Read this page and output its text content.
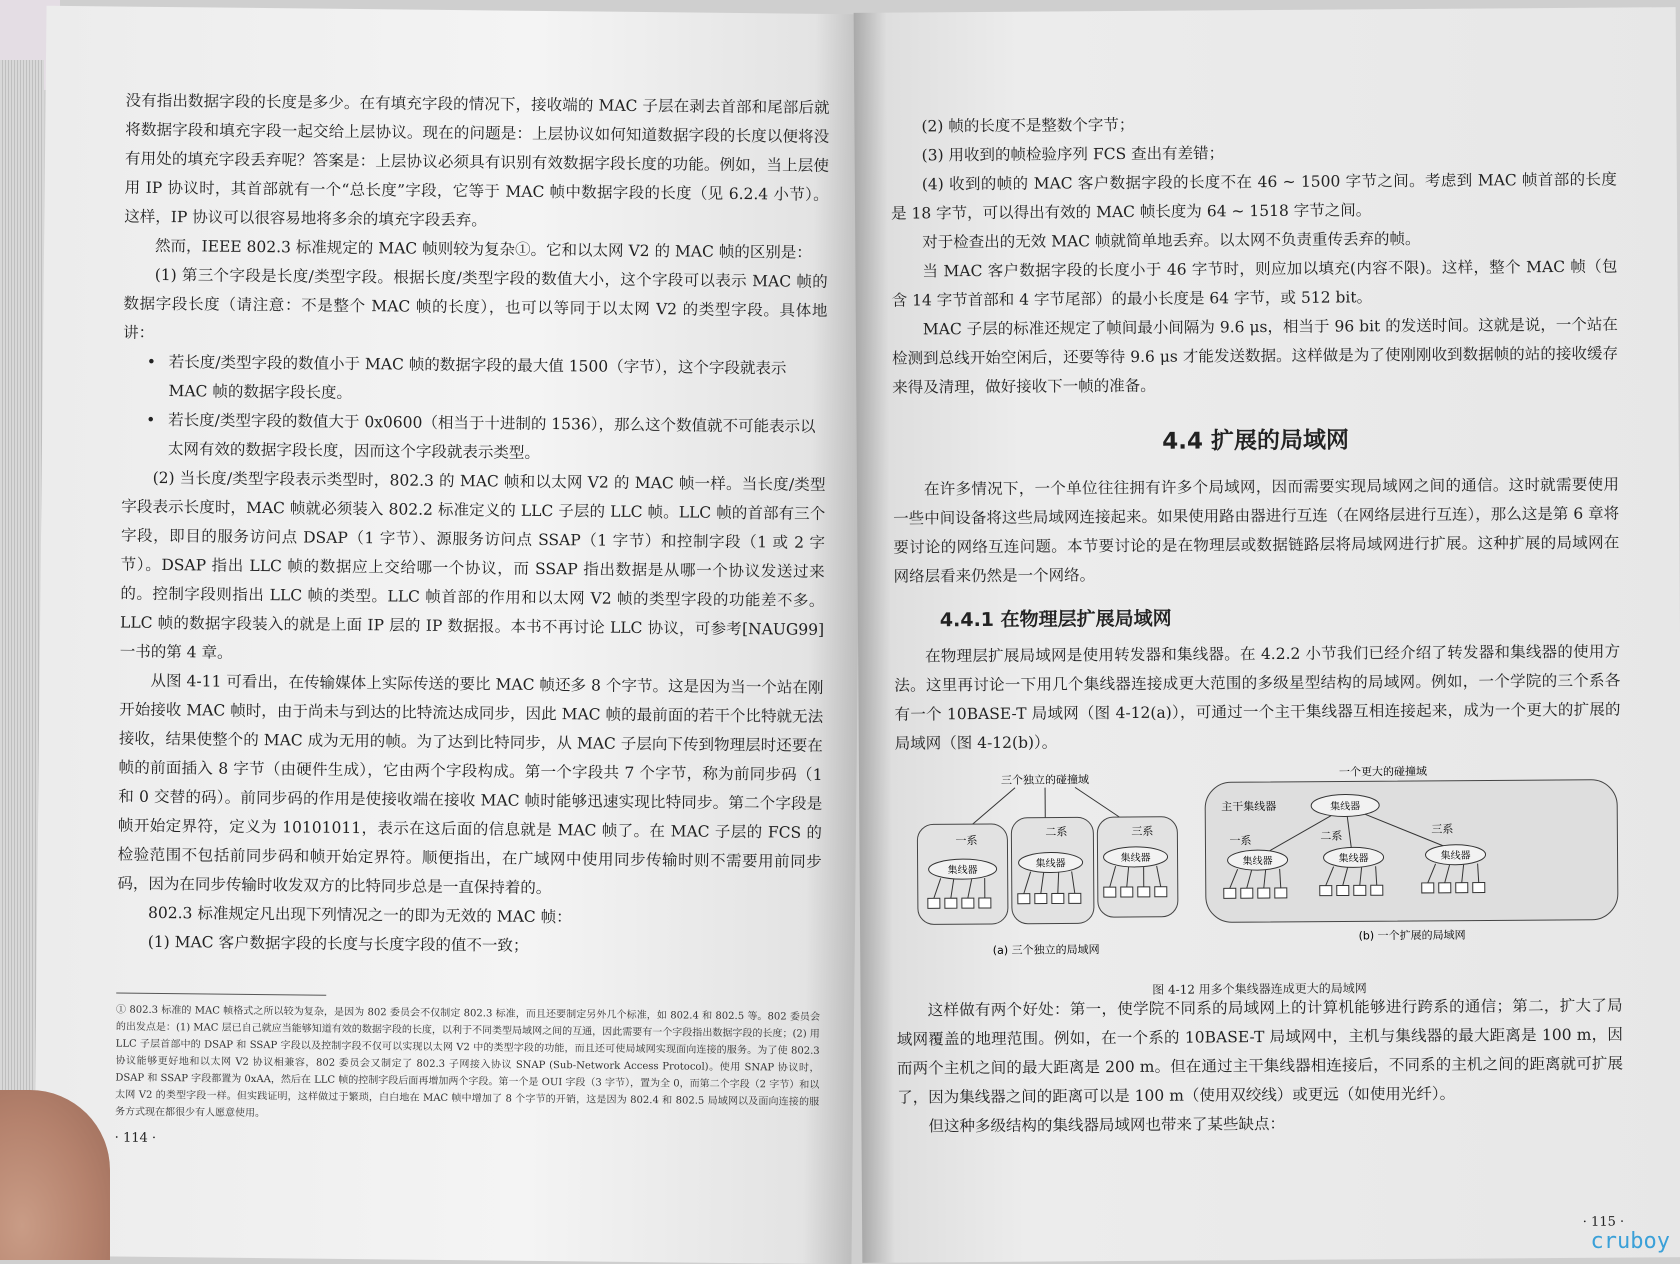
没有指出数据字段的长度是多少。在有填充字段的情况下，接收端的 MAC 子层在剥去首部和尾部后就将数据字段和填充字段一起交给上层协议。现在的问题是：上层协议如何知道数据字段的长度以便将没有用处的填充字段丢弃呢？答案是：上层协议必须具有识别有效数据字段长度的功能。例如，当上层使用 IP 协议时，其首部就有一个“总长度”字段，它等于 MAC 帧中数据字段的长度（见 6.2.4 小节）。这样，IP 协议可以很容易地将多余的填充字段丢弃。

然而，IEEE 802.3 标准规定的 MAC 帧则较为复杂①。它和以太网 V2 的 MAC 帧的区别是：

(1) 第三个字段是长度/类型字段。根据长度/类型字段的数值大小，这个字段可以表示 MAC 帧的数据字段长度（请注意：不是整个 MAC 帧的长度），也可以等同于以太网 V2 的类型字段。具体地讲：

• 若长度/类型字段的数值小于 MAC 帧的数据字段的最大值 1500（字节），这个字段就表示 MAC 帧的数据字段长度。
• 若长度/类型字段的数值大于 0x0600（相当于十进制的 1536），那么这个数值就不可能表示以太网有效的数据字段长度，因而这个字段就表示类型。

(2) 当长度/类型字段表示类型时，802.3 的 MAC 帧和以太网 V2 的 MAC 帧一样。当长度/类型字段表示长度时，MAC 帧就必须装入 802.2 标准定义的 LLC 子层的 LLC 帧。LLC 帧的首部有三个字段，即目的服务访问点 DSAP（1 字节）、源服务访问点 SSAP（1 字节）和控制字段（1 或 2 字节）。DSAP 指出 LLC 帧的数据应上交给哪一个协议，而 SSAP 指出数据是从哪一个协议发送过来的。控制字段则指出 LLC 帧的类型。LLC 帧首部的作用和以太网 V2 帧的类型字段的功能差不多。LLC 帧的数据字段装入的就是上面 IP 层的 IP 数据报。本书不再讨论 LLC 协议，可参考[NAUG99]一书的第 4 章。

从图 4-11 可看出，在传输媒体上实际传送的要比 MAC 帧还多 8 个字节。这是因为当一个站在刚开始接收 MAC 帧时，由于尚未与到达的比特流达成同步，因此 MAC 帧的最前面的若干个比特就无法接收，结果使整个的 MAC 成为无用的帧。为了达到比特同步，从 MAC 子层向下传到物理层时还要在帧的前面插入 8 字节（由硬件生成），它由两个字段构成。第一个字段共 7 个字节，称为前同步码（1 和 0 交替的码）。前同步码的作用是使接收端在接收 MAC 帧时能够迅速实现比特同步。第二个字段是帧开始定界符，定义为 10101011，表示在这后面的信息就是 MAC 帧了。在 MAC 子层的 FCS 的检验范围不包括前同步码和帧开始定界符。顺便指出，在广域网中使用同步传输时则不需要用前同步码，因为在同步传输时收发双方的比特同步总是一直保持着的。

802.3 标准规定凡出现下列情况之一的即为无效的 MAC 帧：

(1) MAC 客户数据字段的长度与长度字段的值不一致；

① 802.3 标准的 MAC 帧格式之所以较为复杂，是因为 802 委员会不仅制定 802.3 标准，而且还要制定另外几个标准，如 802.4 和 802.5 等。802 委员会的出发点是：(1) MAC 层已自己就应当能够知道有效的数据字段的长度，以利于不同类型局域网之间的互通，因此需要有一个字段指出数据字段的长度；(2) 用 LLC 子层首部中的 DSAP 和 SSAP 字段以及控制字段不仅可以实现以太网 V2 中的类型字段的功能，而且还可使局域网实现面向连接的服务。为了使 802.3 协议能够更好地和以太网 V2 协议相兼容，802 委员会又制定了 802.3 子网接入协议 SNAP (Sub-Network Access Protocol)。使用 SNAP 协议时，DSAP 和 SSAP 字段都置为 0xAA，然后在 LLC 帧的控制字段后面再增加两个字段。第一个是 OUI 字段（3 字节），置为全 0，而第二个字段（2 字节）和以太网 V2 的类型字段一样。但实践证明，这样做过于繁琐，白白地在 MAC 帧中增加了 8 个字节的开销，这是因为 802.4 和 802.5 局域网以及面向连接的服务方式现在都很少有人愿意使用。

· 114 ·

(2) 帧的长度不是整数个字节；

(3) 用收到的帧检验序列 FCS 查出有差错；

(4) 收到的帧的 MAC 客户数据字段的长度不在 46 ~ 1500 字节之间。考虑到 MAC 帧首部的长度是 18 字节，可以得出有效的 MAC 帧长度为 64 ~ 1518 字节之间。

对于检查出的无效 MAC 帧就简单地丢弃。以太网不负责重传丢弃的帧。

当 MAC 客户数据字段的长度小于 46 字节时，则应加以填充(内容不限)。这样，整个 MAC 帧（包含 14 字节首部和 4 字节尾部）的最小长度是 64 字节，或 512 bit。

MAC 子层的标准还规定了帧间最小间隔为 9.6 μs，相当于 96 bit 的发送时间。这就是说，一个站在检测到总线开始空闲后，还要等待 9.6 μs 才能发送数据。这样做是为了使刚刚收到数据帧的站的接收缓存来得及清理，做好接收下一帧的准备。

4.4 扩展的局域网

在许多情况下，一个单位往往拥有许多个局域网，因而需要实现局域网之间的通信。这时就需要使用一些中间设备将这些局域网连接起来。如果使用路由器进行互连（在网络层进行互连），那么这是第 6 章将要讨论的网络互连问题。本节要讨论的是在物理层或数据链路层将局域网进行扩展。这种扩展的局域网在网络层看来仍然是一个网络。

4.4.1 在物理层扩展局域网

在物理层扩展局域网是使用转发器和集线器。在 4.2.2 小节我们已经介绍了转发器和集线器的使用方法。这里再讨论一下用几个集线器连接成更大范围的多级星型结构的局域网。例如，一个学院的三个系各有一个 10BASE-T 局域网（图 4-12(a)），可通过一个主干集线器互相连接起来，成为一个更大的扩展的局域网（图 4-12(b)）。

三个独立的碰撞域
一系
集线器
二系
集线器
三系
集线器
(a) 三个独立的局域网
一个更大的碰撞域
主干集线器	集线器
一系	二系
三系
集线器	集线器	集线器
(b) 一个扩展的局域网
图 4-12 用多个集线器连成更大的局域网

这样做有两个好处：第一，使学院不同系的局域网上的计算机能够进行跨系的通信；第二，扩大了局域网覆盖的地理范围。例如，在一个系的 10BASE-T 局域网中，主机与集线器的最大距离是 100 m，因而两个主机之间的最大距离是 200 m。但在通过主干集线器相连接后，不同系的主机之间的距离就可扩展了，因为集线器之间的距离可以是 100 m（使用双绞线）或更远（如使用光纤）。

但这种多级结构的集线器局域网也带来了某些缺点：

· 115 ·
cruboy
